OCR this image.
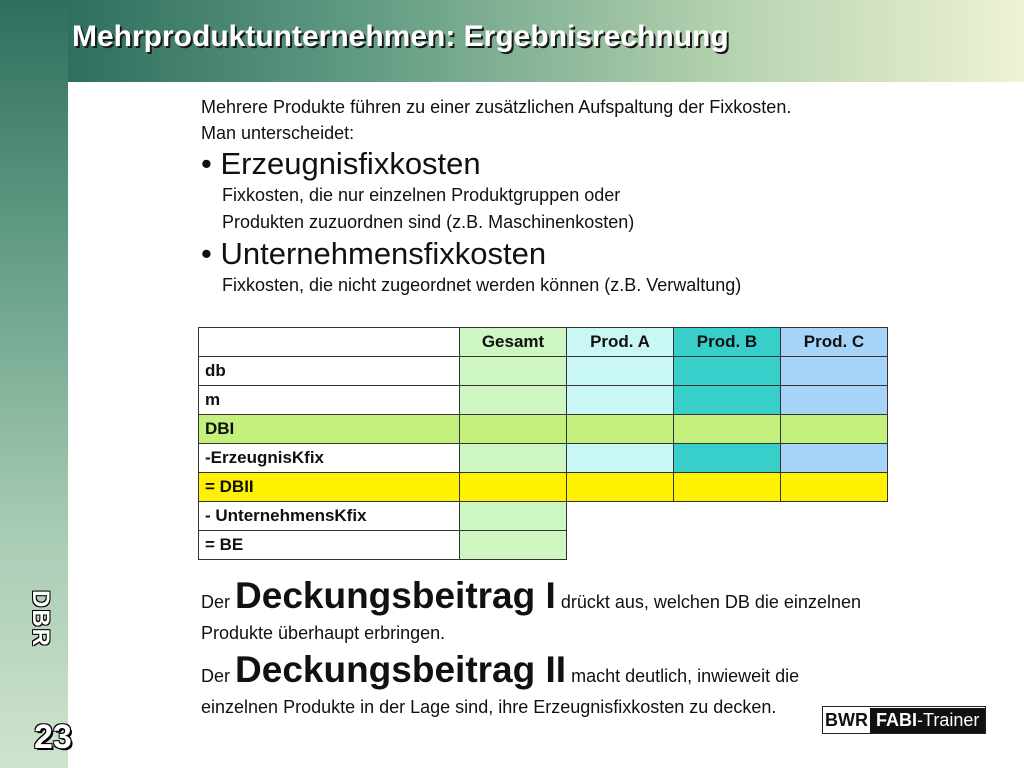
Mehrproduktunternehmen: Ergebnisrechnung
DBR
23

Mehrere Produkte führen zu einer zusätzlichen Aufspaltung der Fixkosten.

Man unterscheidet:

• Erzeugnisfixkosten

Fixkosten, die nur einzelnen Produktgruppen oder

Produkten zuzuordnen sind (z.B. Maschinenkosten)

• Unternehmensfixkosten

Fixkosten, die nicht zugeordnet werden können (z.B. Verwaltung)

	Gesamt	Prod. A	Prod. B	Prod. C
db				
m				
DBI				
-ErzeugnisKfix				
= DBII				
- UnternehmensKfix				
= BE				

Der Deckungsbeitrag I drückt aus, welchen DB die einzelnen

Produkte überhaupt erbringen.

Der Deckungsbeitrag II macht deutlich, inwieweit die

einzelnen Produkte in der Lage sind, ihre Erzeugnisfixkosten zu decken.

BWR FABI-Trainer
